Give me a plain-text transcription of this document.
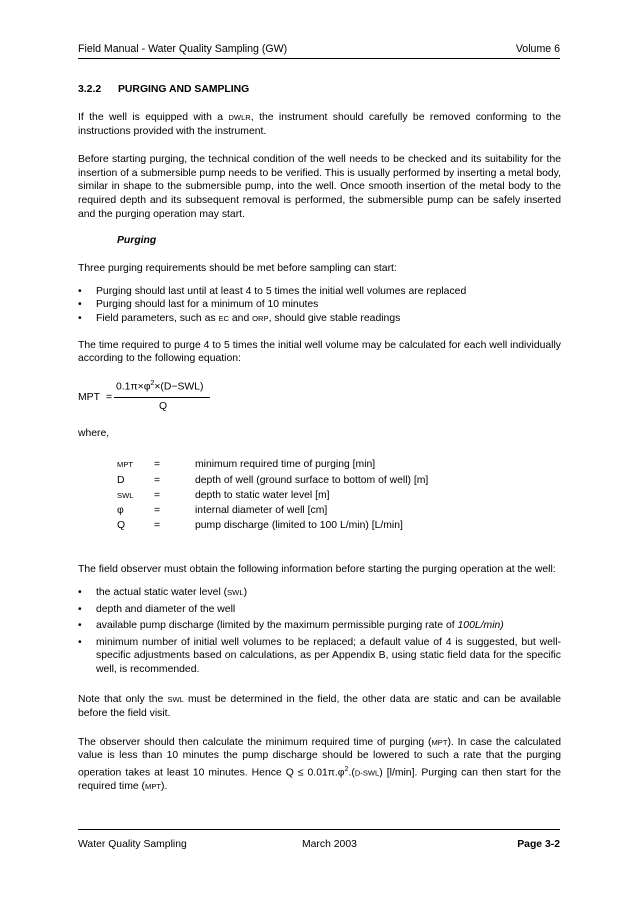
Field Manual - Water Quality Sampling (GW)	Volume 6

3.2.2 PURGING AND SAMPLING

If the well is equipped with a DWLR, the instrument should carefully be removed conforming to the instructions provided with the instrument.

Before starting purging, the technical condition of the well needs to be checked and its suitability for the insertion of a submersible pump needs to be verified. This is usually performed by inserting a metal body, similar in shape to the submersible pump, into the well. Once smooth insertion of the metal body to the required depth and its subsequent removal is performed, the submersible pump can be safely inserted and the purging operation may start.

Purging

Three purging requirements should be met before sampling can start:

• Purging should last until at least 4 to 5 times the initial well volumes are replaced
• Purging should last for a minimum of 10 minutes
• Field parameters, such as EC and ORP, should give stable readings

The time required to purge 4 to 5 times the initial well volume may be calculated for each well individually according to the following equation:

MPT =
$0.1\pi\times\varphi^2\times(D-SWL)$
Q

where,

MPT	=	minimum required time of purging [min]
D	=	depth of well (ground surface to bottom of well) [m]
SWL	=	depth to static water level [m]
φ	=	internal diameter of well [cm]
Q	=	pump discharge (limited to 100 L/min) [L/min]

The field observer must obtain the following information before starting the purging operation at the well:

• the actual static water level (SWL)
• depth and diameter of the well
• available pump discharge (limited by the maximum permissible purging rate of 100L/min)
• minimum number of initial well volumes to be replaced; a default value of 4 is suggested, but well-specific adjustments based on calculations, as per Appendix B, using static field data for the specific well, is recommended.

Note that only the SWL must be determined in the field, the other data are static and can be available before the field visit.

The observer should then calculate the minimum required time of purging (MPT). In case the calculated value is less than 10 minutes the pump discharge should be lowered to such a rate that the purging operation takes at least 10 minutes. Hence $Q \le 0.01\pi.\varphi^2.(D-SWL)$ [l/min]. Purging can then start for the required time (MPT).

Water Quality Sampling	March 2003	Page 3-2
